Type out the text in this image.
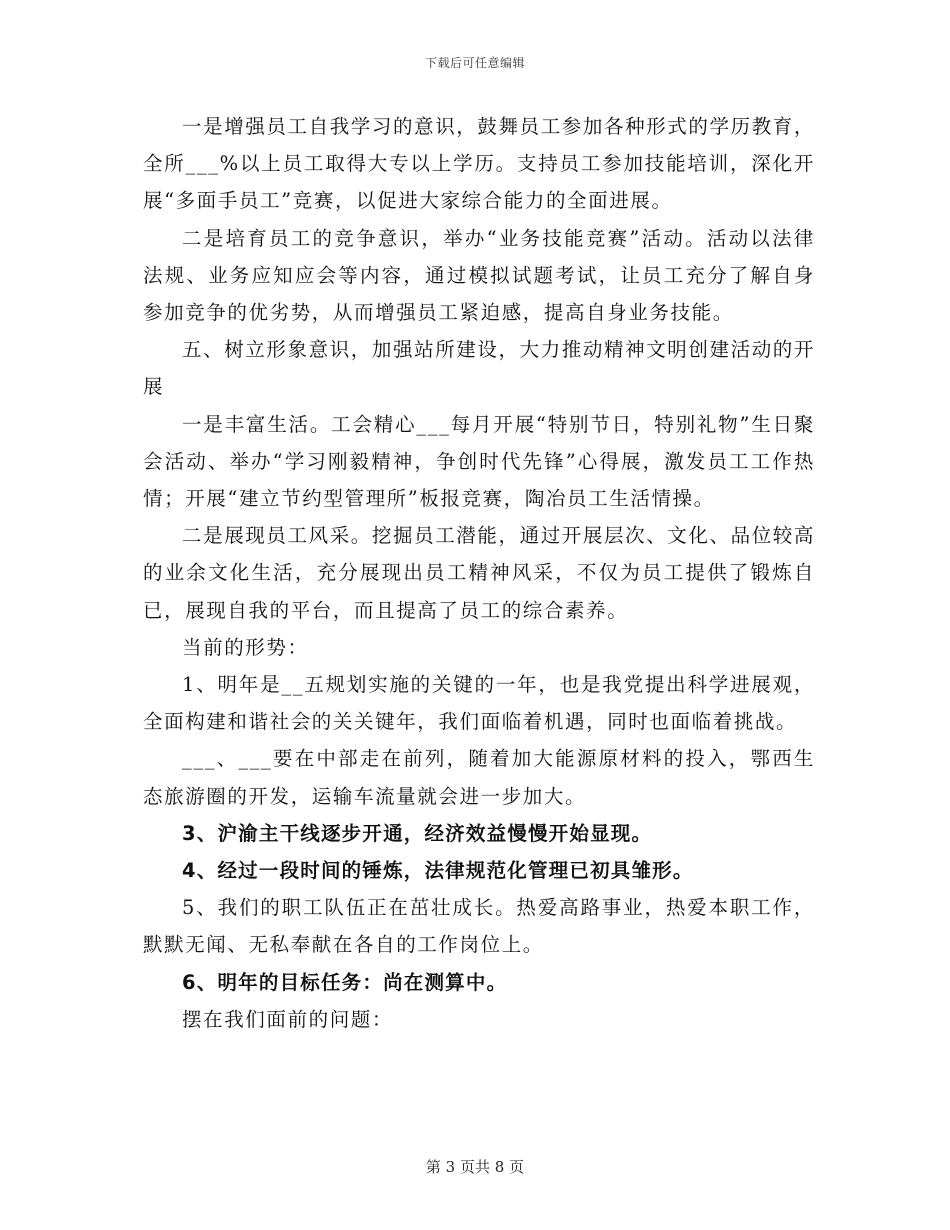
下载后可任意编辑

一是增强员工自我学习的意识，鼓舞员工参加各种形式的学历教育，全所___%以上员工取得大专以上学历。支持员工参加技能培训，深化开展“多面手员工”竞赛，以促进大家综合能力的全面进展。

二是培育员工的竞争意识，举办“业务技能竞赛”活动。活动以法律法规、业务应知应会等内容，通过模拟试题考试，让员工充分了解自身参加竞争的优劣势，从而增强员工紧迫感，提高自身业务技能。

五、树立形象意识，加强站所建设，大力推动精神文明创建活动的开展

一是丰富生活。工会精心___每月开展“特别节日，特别礼物”生日聚会活动、举办“学习刚毅精神，争创时代先锋”心得展，激发员工工作热情；开展“建立节约型管理所”板报竞赛，陶冶员工生活情操。

二是展现员工风采。挖掘员工潜能，通过开展层次、文化、品位较高的业余文化生活，充分展现出员工精神风采，不仅为员工提供了锻炼自已，展现自我的平台，而且提高了员工的综合素养。

当前的形势：

1、明年是__五规划实施的关键的一年，也是我党提出科学进展观，全面构建和谐社会的关关键年，我们面临着机遇，同时也面临着挑战。

___、___要在中部走在前列，随着加大能源原材料的投入，鄂西生态旅游圈的开发，运输车流量就会进一步加大。

3、沪渝主干线逐步开通，经济效益慢慢开始显现。

4、经过一段时间的锤炼，法律规范化管理已初具雏形。

5、我们的职工队伍正在茁壮成长。热爱高路事业，热爱本职工作，默默无闻、无私奉献在各自的工作岗位上。

6、明年的目标任务：尚在测算中。

摆在我们面前的问题：

第 3 页共 8 页
